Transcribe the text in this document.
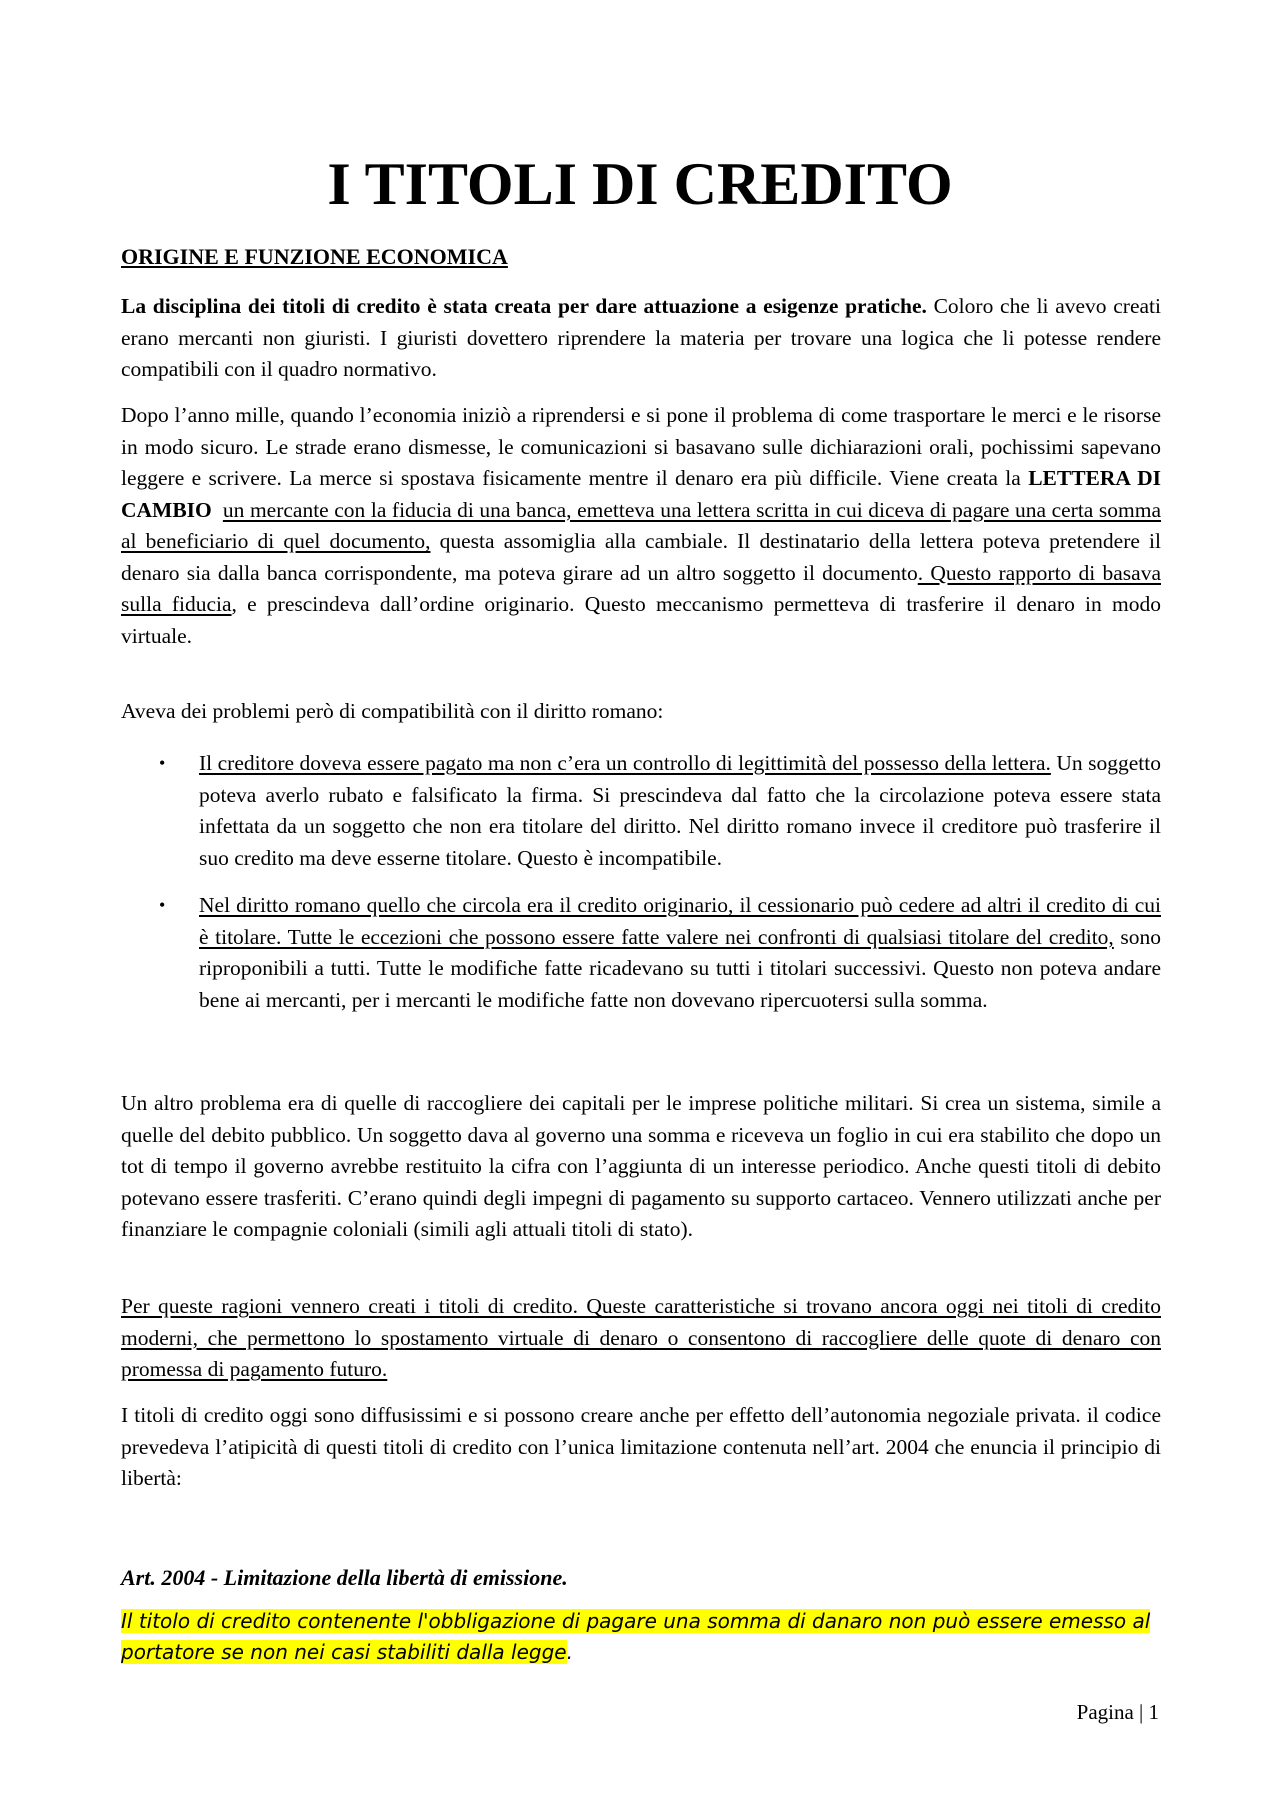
I TITOLI DI CREDITO
ORIGINE E FUNZIONE ECONOMICA

La disciplina dei titoli di credito è stata creata per dare attuazione a esigenze pratiche. Coloro che li avevo creati erano mercanti non giuristi. I giuristi dovettero riprendere la materia per trovare una logica che li potesse rendere compatibili con il quadro normativo.

Dopo l’anno mille, quando l’economia iniziò a riprendersi e si pone il problema di come trasportare le merci e le risorse in modo sicuro. Le strade erano dismesse, le comunicazioni si basavano sulle dichiarazioni orali, pochissimi sapevano leggere e scrivere. La merce si spostava fisicamente mentre il denaro era più difficile. Viene creata la LETTERA DI CAMBIO un mercante con la fiducia di una banca, emetteva una lettera scritta in cui diceva di pagare una certa somma al beneficiario di quel documento, questa assomiglia alla cambiale. Il destinatario della lettera poteva pretendere il denaro sia dalla banca corrispondente, ma poteva girare ad un altro soggetto il documento. Questo rapporto di basava sulla fiducia, e prescindeva dall’ordine originario. Questo meccanismo permetteva di trasferire il denaro in modo virtuale.

Aveva dei problemi però di compatibilità con il diritto romano:

• Il creditore doveva essere pagato ma non c’era un controllo di legittimità del possesso della lettera. Un soggetto poteva averlo rubato e falsificato la firma. Si prescindeva dal fatto che la circolazione poteva essere stata infettata da un soggetto che non era titolare del diritto. Nel diritto romano invece il creditore può trasferire il suo credito ma deve esserne titolare. Questo è incompatibile.
• Nel diritto romano quello che circola era il credito originario, il cessionario può cedere ad altri il credito di cui è titolare. Tutte le eccezioni che possono essere fatte valere nei confronti di qualsiasi titolare del credito, sono riproponibili a tutti. Tutte le modifiche fatte ricadevano su tutti i titolari successivi. Questo non poteva andare bene ai mercanti, per i mercanti le modifiche fatte non dovevano ripercuotersi sulla somma.

Un altro problema era di quelle di raccogliere dei capitali per le imprese politiche militari. Si crea un sistema, simile a quelle del debito pubblico. Un soggetto dava al governo una somma e riceveva un foglio in cui era stabilito che dopo un tot di tempo il governo avrebbe restituito la cifra con l’aggiunta di un interesse periodico. Anche questi titoli di debito potevano essere trasferiti. C’erano quindi degli impegni di pagamento su supporto cartaceo. Vennero utilizzati anche per finanziare le compagnie coloniali (simili agli attuali titoli di stato).

Per queste ragioni vennero creati i titoli di credito. Queste caratteristiche si trovano ancora oggi nei titoli di credito moderni, che permettono lo spostamento virtuale di denaro o consentono di raccogliere delle quote di denaro con promessa di pagamento futuro.

I titoli di credito oggi sono diffusissimi e si possono creare anche per effetto dell’autonomia negoziale privata. il codice prevedeva l’atipicità di questi titoli di credito con l’unica limitazione contenuta nell’art. 2004 che enuncia il principio di libertà:

Art. 2004 - Limitazione della libertà di emissione.

Il titolo di credito contenente l'obbligazione di pagare una somma di danaro non può essere emesso al portatore se non nei casi stabiliti dalla legge.

Pagina | 1
